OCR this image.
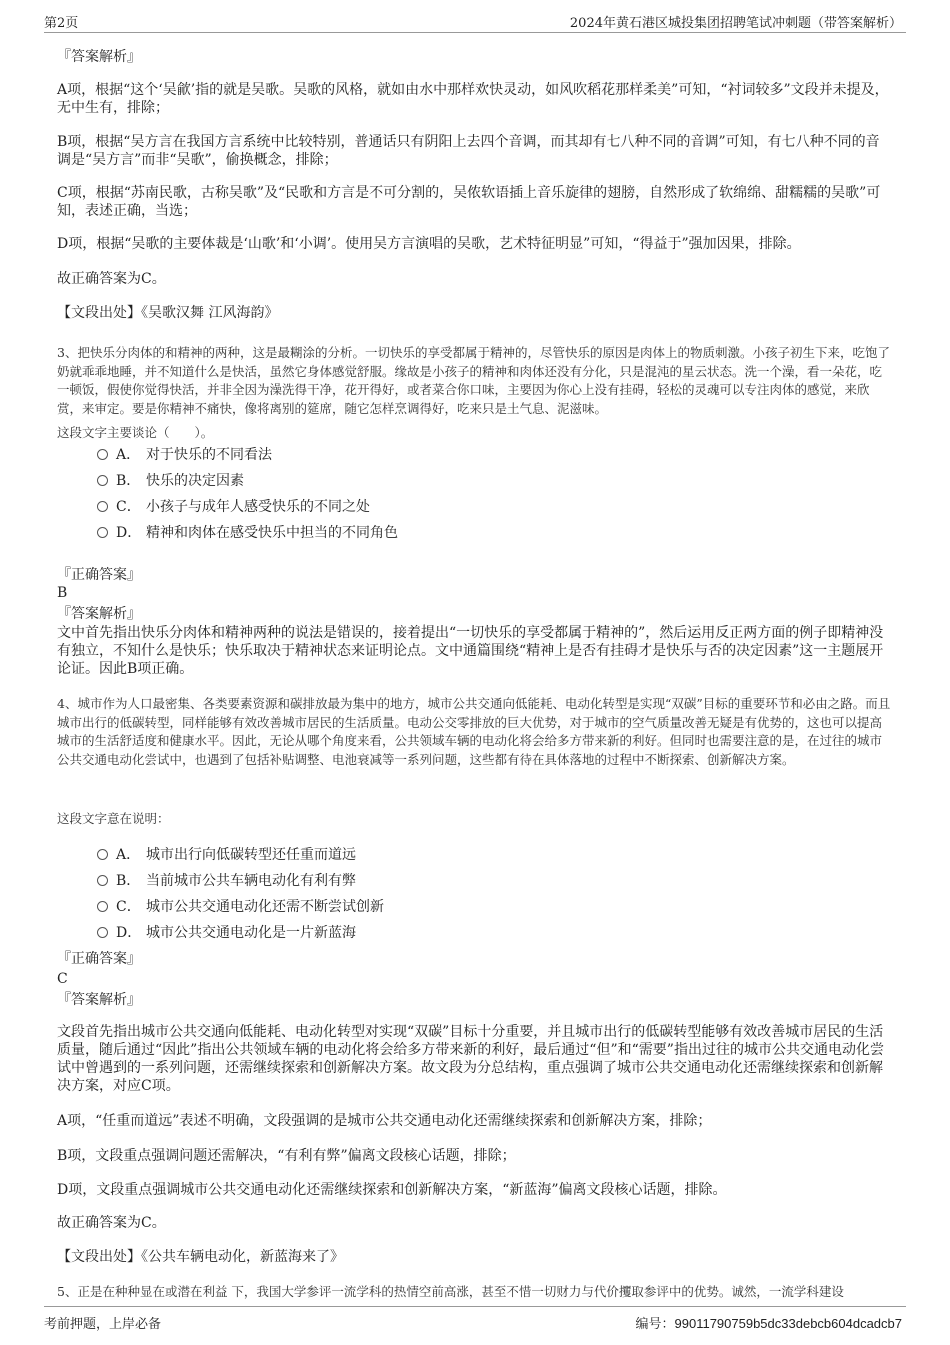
第2页	2024年黄石港区城投集团招聘笔试冲刺题（带答案解析）

『答案解析』

A项，根据“这个‘吴歈’指的就是吴歌。吴歌的风格，就如由水中那样欢快灵动，如风吹稻花那样柔美”可知，“衬词较多”文段并未提及，无中生有，排除；

B项，根据“吴方言在我国方言系统中比较特别，普通话只有阴阳上去四个音调，而其却有七八种不同的音调”可知，有七八种不同的音调是“吴方言”而非“吴歌”，偷换概念，排除；

C项，根据“苏南民歌，古称吴歌”及“民歌和方言是不可分割的，吴侬软语插上音乐旋律的翅膀，自然形成了软绵绵、甜糯糯的吴歌”可知，表述正确，当选；

D项，根据“吴歌的主要体裁是‘山歌’和‘小调’。使用吴方言演唱的吴歌，艺术特征明显”可知，“得益于”强加因果，排除。

故正确答案为C。

【文段出处】《吴歌汉舞 江风海韵》

3、把快乐分肉体的和精神的两种，这是最糊涂的分析。一切快乐的享受都属于精神的，尽管快乐的原因是肉体上的物质刺激。小孩子初生下来，吃饱了奶就乖乖地睡，并不知道什么是快活，虽然它身体感觉舒服。缘故是小孩子的精神和肉体还没有分化，只是混沌的星云状态。洗一个澡，看一朵花，吃一顿饭，假使你觉得快活，并非全因为澡洗得干净，花开得好，或者菜合你口味，主要因为你心上没有挂碍，轻松的灵魂可以专注肉体的感觉，来欣赏，来审定。要是你精神不痛快，像将离别的筵席，随它怎样烹调得好，吃来只是土气息、泥滋味。

这段文字主要谈论（　　）。

A． 对于快乐的不同看法
B． 快乐的决定因素
C． 小孩子与成年人感受快乐的不同之处
D． 精神和肉体在感受快乐中担当的不同角色

『正确答案』

B

『答案解析』

文中首先指出快乐分肉体和精神两种的说法是错误的，接着提出“一切快乐的享受都属于精神的”，然后运用反正两方面的例子即精神没有独立，不知什么是快乐；快乐取决于精神状态来证明论点。文中通篇围绕“精神上是否有挂碍才是快乐与否的决定因素”这一主题展开论证。因此B项正确。

4、城市作为人口最密集、各类要素资源和碳排放最为集中的地方，城市公共交通向低能耗、电动化转型是实现“双碳”目标的重要环节和必由之路。而且城市出行的低碳转型，同样能够有效改善城市居民的生活质量。电动公交零排放的巨大优势，对于城市的空气质量改善无疑是有优势的，这也可以提高城市的生活舒适度和健康水平。因此，无论从哪个角度来看，公共领域车辆的电动化将会给多方带来新的利好。但同时也需要注意的是，在过往的城市公共交通电动化尝试中，也遇到了包括补贴调整、电池衰减等一系列问题，这些都有待在具体落地的过程中不断探索、创新解决方案。

这段文字意在说明：

A． 城市出行向低碳转型还任重而道远
B． 当前城市公共车辆电动化有利有弊
C． 城市公共交通电动化还需不断尝试创新
D． 城市公共交通电动化是一片新蓝海

『正确答案』

C

『答案解析』

文段首先指出城市公共交通向低能耗、电动化转型对实现“双碳”目标十分重要，并且城市出行的低碳转型能够有效改善城市居民的生活质量，随后通过“因此”指出公共领域车辆的电动化将会给多方带来新的利好，最后通过“但”和“需要”指出过往的城市公共交通电动化尝试中曾遇到的一系列问题，还需继续探索和创新解决方案。故文段为分总结构，重点强调了城市公共交通电动化还需继续探索和创新解决方案，对应C项。

A项，“任重而道远”表述不明确，文段强调的是城市公共交通电动化还需继续探索和创新解决方案，排除；

B项，文段重点强调问题还需解决，“有利有弊”偏离文段核心话题，排除；

D项，文段重点强调城市公共交通电动化还需继续探索和创新解决方案，“新蓝海”偏离文段核心话题，排除。

故正确答案为C。

【文段出处】《公共车辆电动化，新蓝海来了》

5、正是在种种显在或潜在利益 下，我国大学参评一流学科的热情空前高涨，甚至不惜一切财力与代价攫取参评中的优势。诚然，一流学科建设

考前押题，上岸必备	编号：99011790759b5dc33debcb604dcadcb7
